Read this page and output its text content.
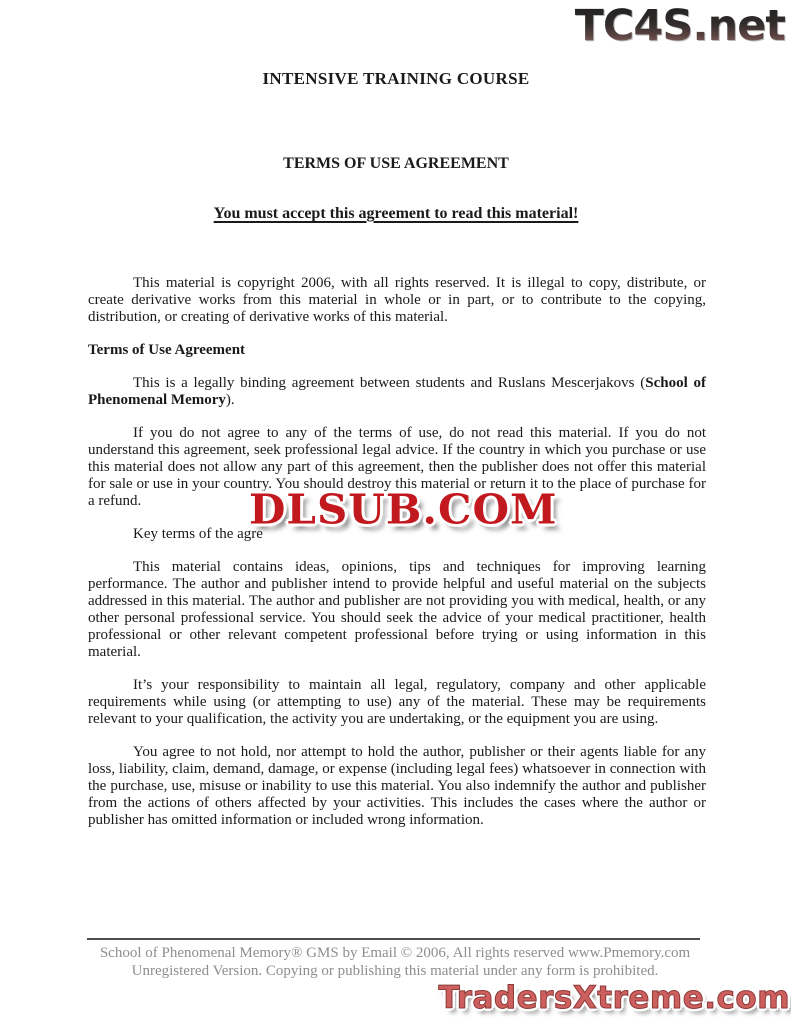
TC4S.net
INTENSIVE TRAINING COURSE
TERMS OF USE AGREEMENT
You must accept this agreement to read this material!

This material is copyright 2006, with all rights reserved. It is illegal to copy, distribute, or create derivative works from this material in whole or in part, or to contribute to the copying, distribution, or creating of derivative works of this material.

Terms of Use Agreement

This is a legally binding agreement between students and Ruslans Mescerjakovs (School of Phenomenal Memory).

If you do not agree to any of the terms of use, do not read this material. If you do not understand this agreement, seek professional legal advice. If the country in which you purchase or use this material does not allow any part of this agreement, then the publisher does not offer this material for sale or use in your country. You should destroy this material or return it to the place of purchase for a refund.

Key terms of the agre

This material contains ideas, opinions, tips and techniques for improving learning performance. The author and publisher intend to provide helpful and useful material on the subjects addressed in this material. The author and publisher are not providing you with medical, health, or any other personal professional service. You should seek the advice of your medical practitioner, health professional or other relevant competent professional before trying or using information in this material.

It’s your responsibility to maintain all legal, regulatory, company and other applicable requirements while using (or attempting to use) any of the material. These may be requirements relevant to your qualification, the activity you are undertaking, or the equipment you are using.

You agree to not hold, nor attempt to hold the author, publisher or their agents liable for any loss, liability, claim, demand, damage, or expense (including legal fees) whatsoever in connection with the purchase, use, misuse or inability to use this material. You also indemnify the author and publisher from the actions of others affected by your activities. This includes the cases where the author or publisher has omitted information or included wrong information.

DLSUB.COM
School of Phenomenal Memory® GMS by Email © 2006, All rights reserved www.Pmemory.com
Unregistered Version. Copying or publishing this material under any form is prohibited.
TradersXtreme.com
